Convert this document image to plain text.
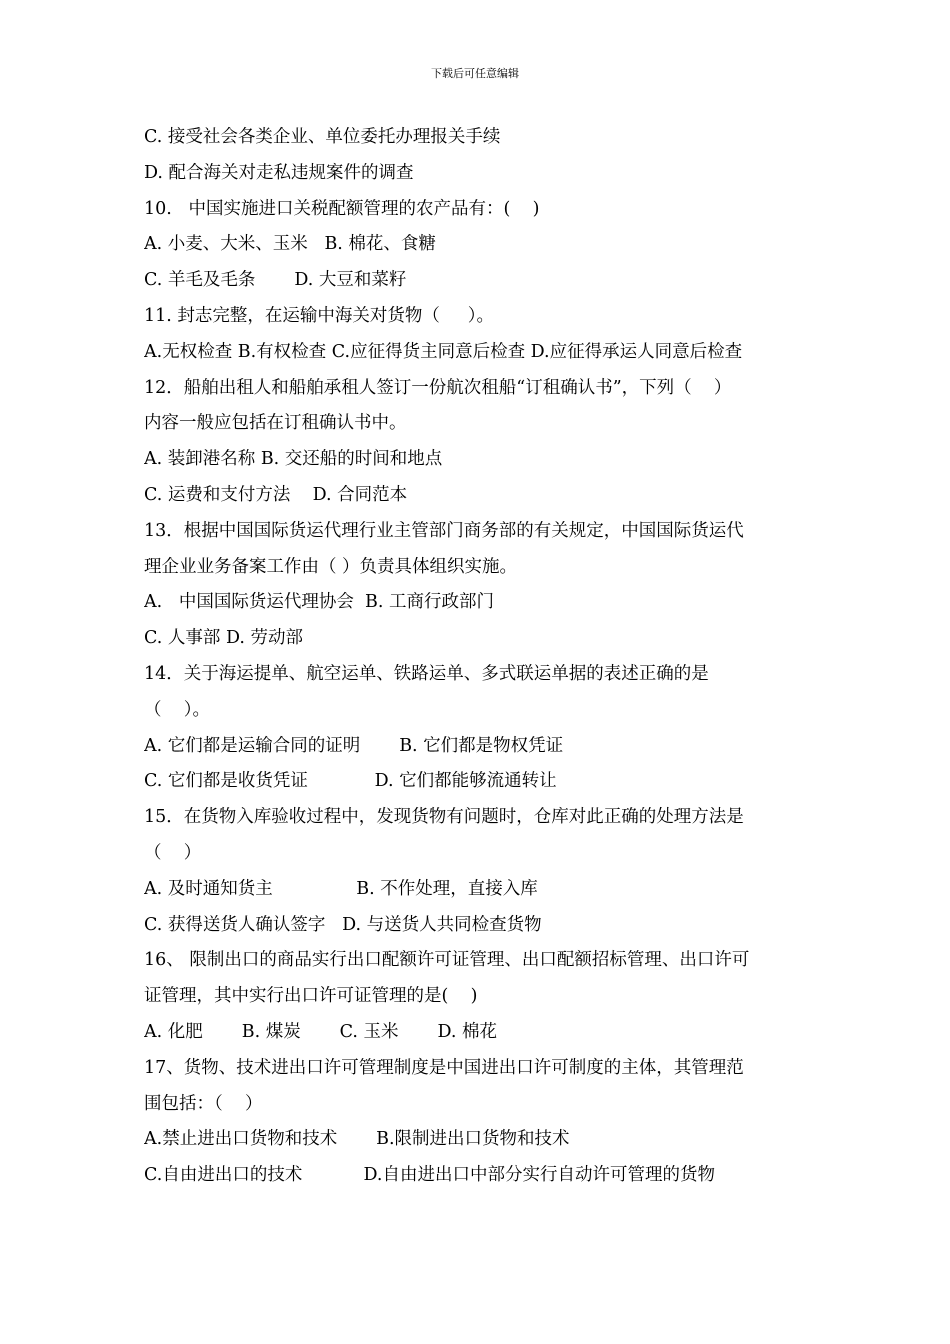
下载后可任意编辑
C. 接受社会各类企业、单位委托办理报关手续
D. 配合海关对走私违规案件的调查
10.   中国实施进口关税配额管理的农产品有：(    )
A. 小麦、大米、玉米   B. 棉花、食糖
C. 羊毛及毛条       D. 大豆和菜籽
11. 封志完整，在运输中海关对货物（     ）。
A.无权检查 B.有权检查 C.应征得货主同意后检查 D.应征得承运人同意后检查
12．船舶出租人和船舶承租人签订一份航次租船“订租确认书”，下列（    ）
内容一般应包括在订租确认书中。
A. 装卸港名称 B. 交还船的时间和地点
C. 运费和支付方法    D. 合同范本
13．根据中国国际货运代理行业主管部门商务部的有关规定，中国国际货运代
理企业业务备案工作由（ ）负责具体组织实施。
A.   中国国际货运代理协会  B. 工商行政部门
C. 人事部 D. 劳动部
14．关于海运提单、航空运单、铁路运单、多式联运单据的表述正确的是
（    ）。
A. 它们都是运输合同的证明       B. 它们都是物权凭证
C. 它们都是收货凭证            D. 它们都能够流通转让
15．在货物入库验收过程中，发现货物有问题时，仓库对此正确的处理方法是
（    ）
A. 及时通知货主               B. 不作处理，直接入库
C. 获得送货人确认签字   D. 与送货人共同检查货物
16、 限制出口的商品实行出口配额许可证管理、出口配额招标管理、出口许可
证管理，其中实行出口许可证管理的是(    )
A. 化肥       B. 煤炭       C. 玉米       D. 棉花
17、货物、技术进出口许可管理制度是中国进出口许可制度的主体，其管理范
围包括：（    ）
A.禁止进出口货物和技术       B.限制进出口货物和技术
C.自由进出口的技术           D.自由进出口中部分实行自动许可管理的货物
